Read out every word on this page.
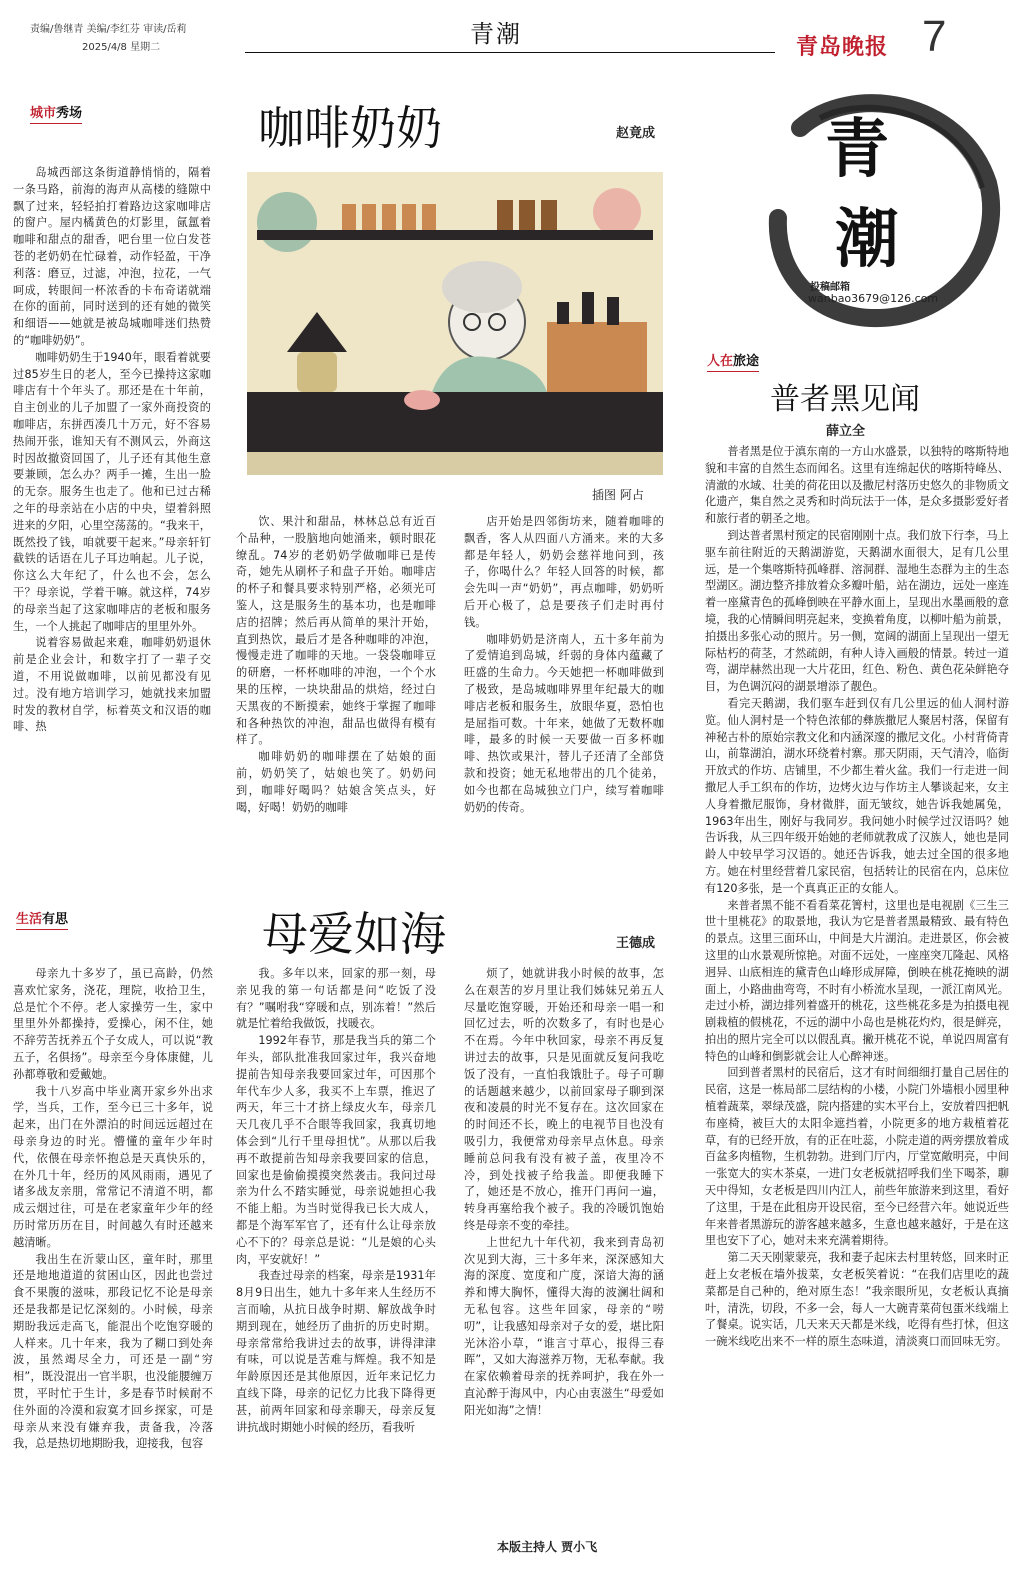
责编/鲁继青 美编/李红芬 审读/岳莉
2025/4/8 星期二	青潮	青岛晚报 7
青
潮
投稿邮箱
wanbao3679@126.com
城市秀场	咖啡奶奶	赵竟成
插图 阿占

岛城西部这条街道静悄悄的，隔着一条马路，前海的海声从高楼的缝隙中飘了过来，轻轻拍打着路边这家咖啡店的窗户。屋内橘黄色的灯影里，氤氲着咖啡和甜点的甜香，吧台里一位白发苍苍的老奶奶在忙碌着，动作轻盈，干净利落：磨豆，过滤，冲泡，拉花，一气呵成，转眼间一杯浓香的卡布奇诺就端在你的面前，同时送到的还有她的微笑和细语——她就是被岛城咖啡迷们热赞的“咖啡奶奶”。

咖啡奶奶生于1940年，眼看着就要过85岁生日的老人，至今已操持这家咖啡店有十个年头了。那还是在十年前，自主创业的儿子加盟了一家外商投资的咖啡店，东拼西凑几十万元，好不容易热闹开张，谁知天有不测风云，外商这时因故撤资回国了，儿子还有其他生意要兼顾，怎么办？两手一摊，生出一脸的无奈。服务生也走了。他和已过古稀之年的母亲站在小店的中央，望着斜照进来的夕阳，心里空荡荡的。“我来干，既然投了钱，咱就要干起来。”母亲轩钉截铁的话语在儿子耳边响起。儿子说，你这么大年纪了，什么也不会，怎么干？母亲说，学着干嘛。就这样，74岁的母亲当起了这家咖啡店的老板和服务生，一个人挑起了咖啡店的里里外外。

说着容易做起来难，咖啡奶奶退休前是企业会计，和数字打了一辈子交道，不用说做咖啡，以前见都没有见过。没有地方培训学习，她就找来加盟时发的教材自学，标着英文和汉语的咖啡、热

饮、果汁和甜品，林林总总有近百个品种，一股脑地向她涌来，顿时眼花缭乱。74岁的老奶奶学做咖啡已是传奇，她先从刷杯子和盘子开始。咖啡店的杯子和餐具要求特别严格，必须光可鉴人，这是服务生的基本功，也是咖啡店的招牌；然后再从简单的果汁开始，直到热饮，最后才是各种咖啡的冲泡，慢慢走进了咖啡的天地。一袋袋咖啡豆的研磨，一杯杯咖啡的冲泡，一个个水果的压榨，一块块甜品的烘焙，经过白天黑夜的不断摸索，她终于掌握了咖啡和各种热饮的冲泡，甜品也做得有模有样了。

咖啡奶奶的咖啡摆在了姑娘的面前，奶奶笑了，姑娘也笑了。奶奶问到，咖啡好喝吗？姑娘含笑点头，好喝，好喝！奶奶的咖啡

店开始是四邻街坊来，随着咖啡的飘香，客人从四面八方涌来。来的大多都是年轻人，奶奶会慈祥地问到，孩子，你喝什么？年轻人回答的时候，都会先叫一声“奶奶”，再点咖啡，奶奶听后开心极了，总是要孩子们走时再付钱。

咖啡奶奶是济南人，五十多年前为了爱情追到岛城，纤弱的身体内蕴藏了旺盛的生命力。今天她把一杯咖啡做到了极致，是岛城咖啡界里年纪最大的咖啡店老板和服务生，放眼华夏，恐怕也是屈指可数。十年来，她做了无数杯咖啡，最多的时候一天要做一百多杯咖啡、热饮或果汁，替儿子还清了全部贷款和投资；她无私地带出的几个徒弟，如今也都在岛城独立门户，续写着咖啡奶奶的传奇。

人在旅途
普者黑见闻
薛立全

普者黑是位于滇东南的一方山水盛景，以独特的喀斯特地貌和丰富的自然生态而闻名。这里有连绵起伏的喀斯特峰丛、清澈的水域、壮美的荷花田以及撒尼村落历史悠久的非物质文化遗产，集自然之灵秀和时尚玩法于一体，是众多摄影爱好者和旅行者的朝圣之地。

到达普者黑村预定的民宿刚刚十点。我们放下行李，马上驱车前往附近的天鹅湖游览，天鹅湖水面很大，足有几公里远，是一个集喀斯特孤峰群、溶洞群、湿地生态群为主的生态型湖区。湖边整齐排放着众多瓣叶船，站在湖边，远处一座连着一座黛青色的孤峰倒映在平静水面上，呈现出水墨画般的意境，我的心情瞬间明亮起来，变换着角度，以柳叶船为前景，拍摄出多张心动的照片。另一侧，宽阔的湖面上呈现出一望无际枯朽的荷茎，才然疏朗，有种人诗入画般的情景。转过一道弯，湖岸赫然出现一大片花田，红色、粉色、黄色花朵鲜艳夺目，为色调沉闷的湖景增添了靓色。

看完天鹅湖，我们驱车赶到仅有几公里远的仙人洞村游览。仙人洞村是一个特色浓郁的彝族撒尼人聚居村落，保留有神秘古朴的原始宗教文化和内涵深邃的撒尼文化。小村背倚青山，前靠湖泊，湖水环绕着村寨。那天阴雨，天气清冷，临街开放式的作坊、店铺里，不少都生着火盆。我们一行走进一间撒尼人手工织布的作坊，边烤火边与作坊主人攀谈起来，女主人身着撒尼服饰，身材微胖，面无皱纹，她告诉我她属兔，1963年出生，刚好与我同岁。我问她小时候学过汉语吗？她告诉我，从三四年级开始她的老师就教成了汉族人，她也是同龄人中较早学习汉语的。她还告诉我，她去过全国的很多地方。她在村里经营着几家民宿，包括转让的民宿在内，总床位有120多张，是一个真真正正的女能人。

来普者黑不能不看看菜花箐村，这里也是电视剧《三生三世十里桃花》的取景地，我认为它是普者黑最精致、最有特色的景点。这里三面环山，中间是大片湖泊。走进景区，你会被这里的山水景观所惊艳。对面不远处，一座座突兀隆起、风格迥异、山底相连的黛青色山峰形成屏障，倒映在桃花掩映的湖面上，小路曲曲弯弯，不时有小桥流水呈现，一派江南风光。走过小桥，湖边排列着盛开的桃花，这些桃花多是为拍摄电视剧栽植的假桃花，不远的湖中小岛也是桃花灼灼，很是鲜亮，拍出的照片完全可以以假乱真。撇开桃花不说，单说四周富有特色的山峰和倒影就会让人心醉神迷。

回到普者黑村的民宿后，这才有时间细细打量自己居住的民宿，这是一栋局部二层结构的小楼，小院门外墙根小园里种植着蔬菜，翠绿茂盛，院内搭建的实木平台上，安放着四把帆布座椅，被巨大的太阳伞遮挡着，小院更多的地方栽植着花草，有的已经开放，有的正在吐蕊，小院走道的两旁摆放着成百盆多肉植物，生机勃勃。进到门厅内，厅堂宽敞明亮，中间一张宽大的实木茶桌，一进门女老板就招呼我们坐下喝茶，聊天中得知，女老板是四川内江人，前些年旅游来到这里，看好了这里，于是在此租房开设民宿，至今已经营六年。她说近些年来普者黑游玩的游客越来越多，生意也越来越好，于是在这里也安下了心，她对未来充满着期待。

第二天天刚蒙蒙亮，我和妻子起床去村里转悠，回来时正赶上女老板在墙外拔菜，女老板笑着说：“在我们店里吃的蔬菜都是自己种的，绝对原生态！”我亲眼所见，女老板认真摘叶，清洗，切段，不多一会，每人一大碗青菜荷包蛋米线端上了餐桌。说实话，几天来天天都是米线，吃得有些打怵，但这一碗米线吃出来不一样的原生态味道，清淡爽口而回味无穷。

生活有思	母爱如海	王德成

母亲九十多岁了，虽已高龄，仍然喜欢忙家务，浇花，理院，收拾卫生，总是忙个不停。老人家操劳一生，家中里里外外都操持，爱操心，闲不住，她不辞劳苦抚养五个子女成人，可以说“教五子，名俱扬”。母亲至今身体康健，儿孙都尊敬和爱戴她。

我十八岁高中毕业离开家乡外出求学，当兵，工作，至今已三十多年，说起来，出门在外漂泊的时间远远超过在母亲身边的时光。懵懂的童年少年时代，依偎在母亲怀抱总是天真快乐的，在外几十年，经历的风风雨雨，遇见了诸多战友亲朋，常常记不清道不明，都成云烟过往，可是在老家童年少年的经历时常历历在目，时间越久有时还越来越清晰。

我出生在沂蒙山区，童年时，那里还是地地道道的贫困山区，因此也尝过食不果腹的滋味，那段记忆不论是母亲还是我都是记忆深刻的。小时候，母亲期盼我远走高飞，能混出个吃饱穿暖的人样来。几十年来，我为了糊口到处奔波，虽然竭尽全力，可还是一副“穷相”，既没混出一官半职，也没能腰缠万贯，平时忙于生计，多是春节时候耐不住外面的冷漠和寂寞才回乡探家，可是母亲从来没有嫌弃我，责备我，冷落我，总是热切地期盼我，迎接我，包容

我。多年以来，回家的那一刻，母亲见我的第一句话都是问“吃饭了没有？”嘱咐我“穿暖和点，别冻着！”然后就是忙着给我做饭，找暖衣。

1992年春节，那是我当兵的第二个年头，部队批准我回家过年，我兴奋地提前告知母亲我要回家过年，可因那个年代车少人多，我买不上车票，推迟了两天，年三十才挤上绿皮火车，母亲几天几夜几乎不合眼等我回家，我真切地体会到“儿行千里母担忧”。从那以后我再不敢提前告知母亲我要回家的信息，回家也是偷偷摸摸突然袭击。我问过母亲为什么不踏实睡觉，母亲说她担心我不能上船。为当时觉得我已长大成人，都是个海军军官了，还有什么让母亲放心不下的？母亲总是说：“儿是娘的心头肉，平安就好！”

我查过母亲的档案，母亲是1931年8月9日出生，她九十多年来人生经历不言而喻，从抗日战争时期、解放战争时期到现在，她经历了曲折的历史时期。母亲常常给我讲过去的故事，讲得津津有味，可以说是苦难与辉煌。我不知是年龄原因还是其他原因，近年来记忆力直线下降，母亲的记忆力比我下降得更甚，前两年回家和母亲聊天，母亲反复讲抗战时期她小时候的经历，看我听

烦了，她就讲我小时候的故事，怎么在艰苦的岁月里让我们姊妹兄弟五人尽量吃饱穿暖，开始还和母亲一唱一和回忆过去，听的次数多了，有时也是心不在焉。今年中秋回家，母亲不再反复讲过去的故事，只是见面就反复问我吃饭了没有，一直怕我饿肚子。母子可聊的话题越来越少，以前回家母子聊到深夜和凌晨的时光不复存在。这次回家在的时间还不长，晚上的电视节目也没有吸引力，我便常劝母亲早点休息。母亲睡前总问我有没有被子盖，夜里冷不冷，到处找被子给我盖。即便我睡下了，她还是不放心，推开门再问一遍，转身再塞给我个被子。我的冷暖饥饱始终是母亲不变的牵挂。

上世纪九十年代初，我来到青岛初次见到大海，三十多年来，深深感知大海的深度、宽度和广度，深谙大海的涵养和博大胸怀，懂得大海的波澜壮阔和无私包容。这些年回家，母亲的“唠叨”，让我感知母亲对子女的爱，堪比阳光沐浴小草，“谁言寸草心，报得三春晖”，又如大海滋养万物，无私奉献。我在家依赖着母亲的抚养呵护，我在外一直沁醉于海风中，内心由衷滋生“母爱如阳光如海”之情！

本版主持人 贾小飞
